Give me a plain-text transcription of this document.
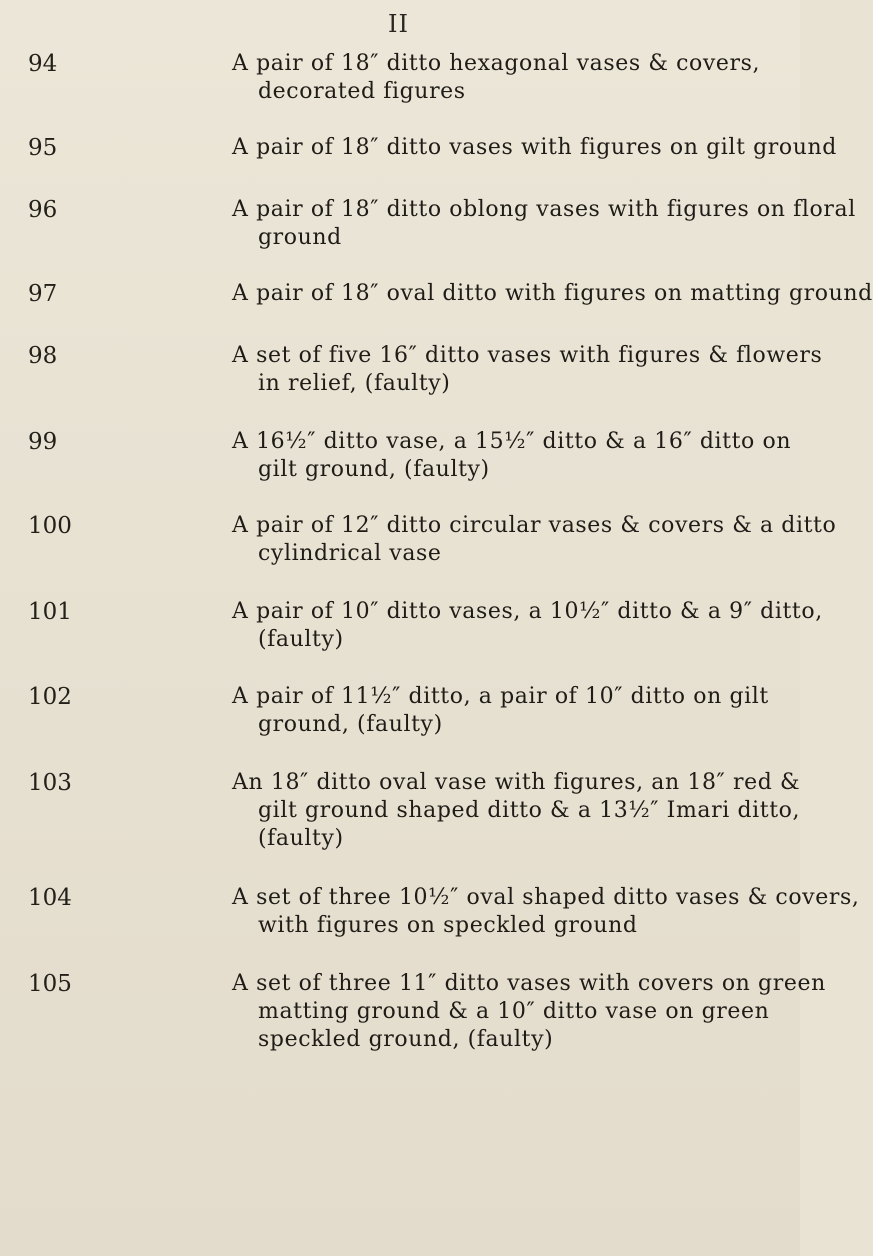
II
94	A pair of 18″ ditto hexagonal vases & covers,
decorated figures
95	A pair of 18″ ditto vases with figures on gilt ground
96	A pair of 18″ ditto oblong vases with figures on floral
ground
97	A pair of 18″ oval ditto with figures on matting ground
98	A set of five 16″ ditto vases with figures & flowers
in relief, (faulty)
99	A 16½″ ditto vase, a 15½″ ditto & a 16″ ditto on
gilt ground, (faulty)
100	A pair of 12″ ditto circular vases & covers & a ditto
cylindrical vase
101	A pair of 10″ ditto vases, a 10½″ ditto & a 9″ ditto,
(faulty)
102	A pair of 11½″ ditto, a pair of 10″ ditto on gilt
ground, (faulty)
103	An 18″ ditto oval vase with figures, an 18″ red &
gilt ground shaped ditto & a 13½″ Imari ditto,
(faulty)
104	A set of three 10½″ oval shaped ditto vases & covers,
with figures on speckled ground
105	A set of three 11″ ditto vases with covers on green
matting ground & a 10″ ditto vase on green
speckled ground, (faulty)
